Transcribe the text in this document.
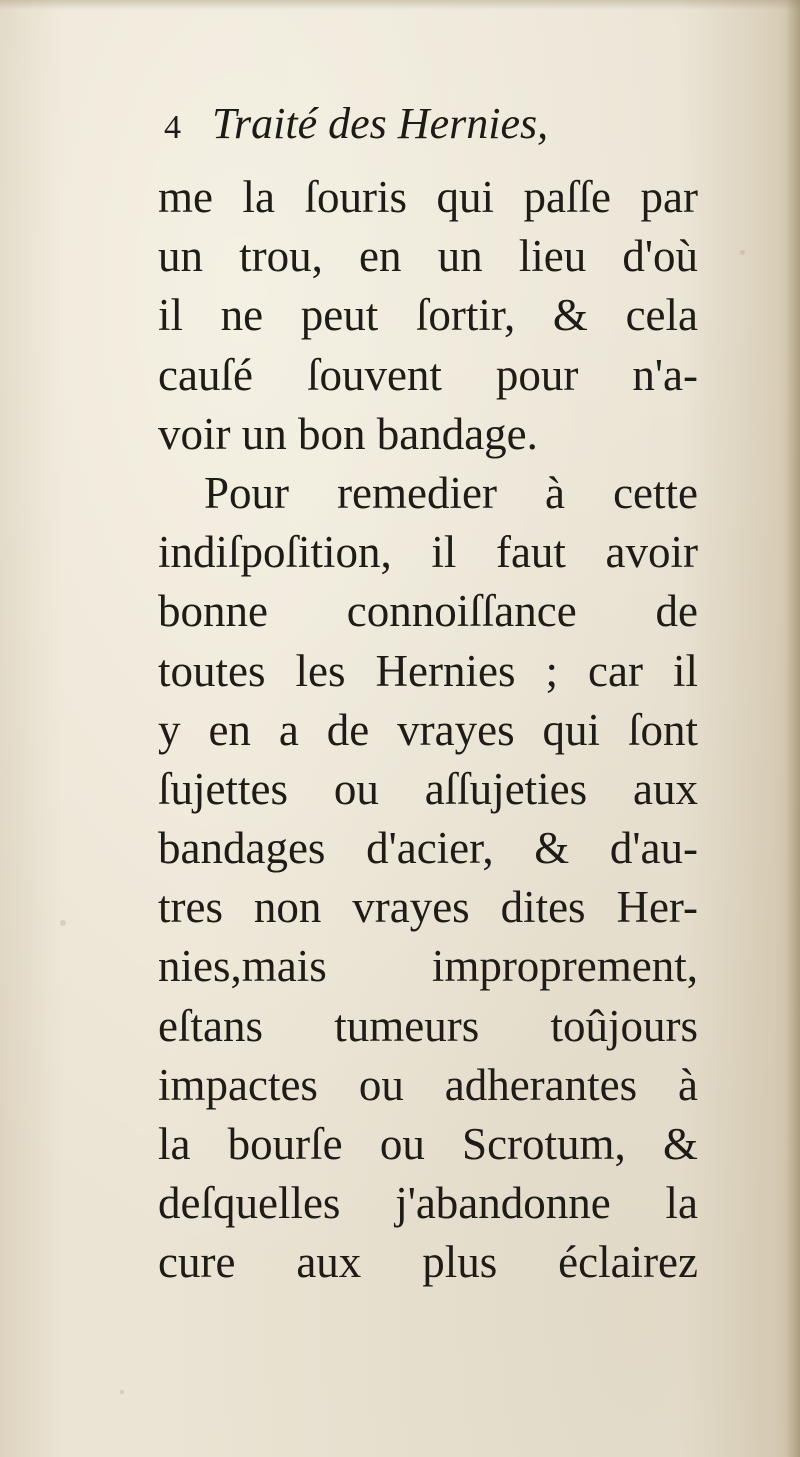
4 Traité des Hernies,
me la ſouris qui paſſe par
un trou, en un lieu d'où
il ne peut ſortir, & cela
cauſé ſouvent pour n'a-
voir un bon bandage.
Pour remedier à cette
indiſpoſition, il faut avoir
bonne connoiſſance de
toutes les Hernies ; car il
y en a de vrayes qui ſont
ſujettes ou aſſujeties aux
bandages d'acier, & d'au-
tres non vrayes dites Her-
nies,mais improprement,
eſtans tumeurs toûjours
impactes ou adherantes à
la bourſe ou Scrotum, &
deſquelles j'abandonne la
cure aux plus éclairez
